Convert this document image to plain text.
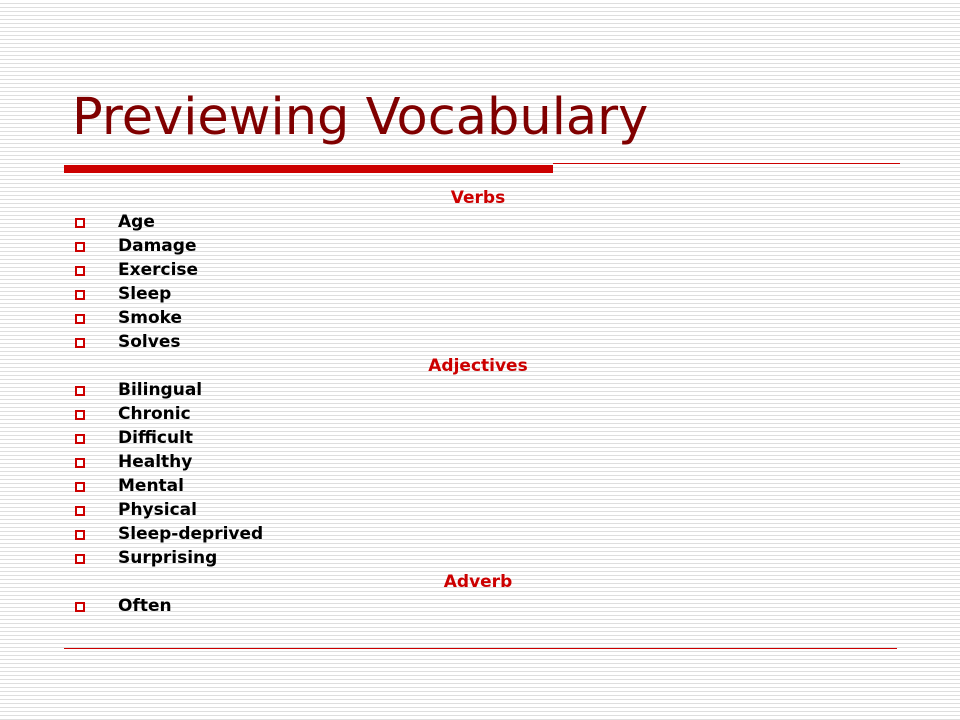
Previewing Vocabulary
Verbs
Age
Damage
Exercise
Sleep
Smoke
Solves
Adjectives
Bilingual
Chronic
Difficult
Healthy
Mental
Physical
Sleep-deprived
Surprising
Adverb
Often
